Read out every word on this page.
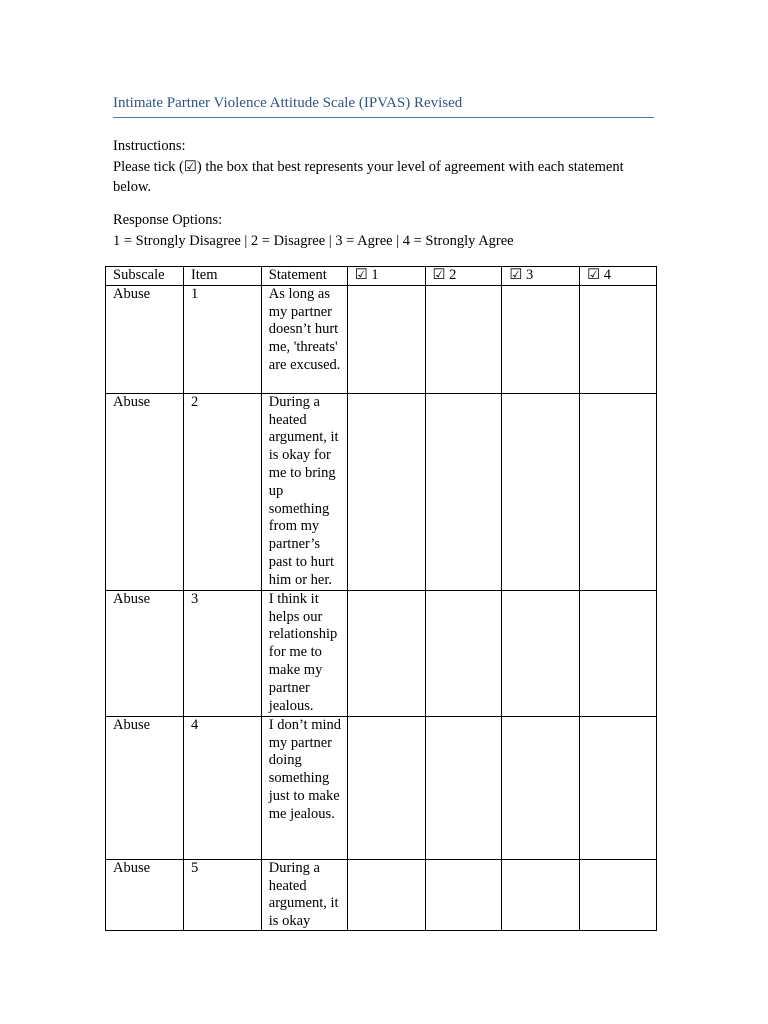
Intimate Partner Violence Attitude Scale (IPVAS) Revised

Instructions:

Please tick (☑) the box that best represents your level of agreement with each statement below.

Response Options:

1 = Strongly Disagree | 2 = Disagree | 3 = Agree | 4 = Strongly Agree

Subscale	Item	Statement	☑ 1	☑ 2	☑ 3	☑ 4
Abuse	1	As long as my partner doesn’t hurt me, 'threats' are excused.				
Abuse	2	During a heated argument, it is okay for me to bring up something from my partner’s past to hurt him or her.				
Abuse	3	I think it helps our relationship for me to make my partner jealous.				
Abuse	4	I don’t mind my partner doing something just to make me jealous.				
Abuse	5	During a heated argument, it is okay				
